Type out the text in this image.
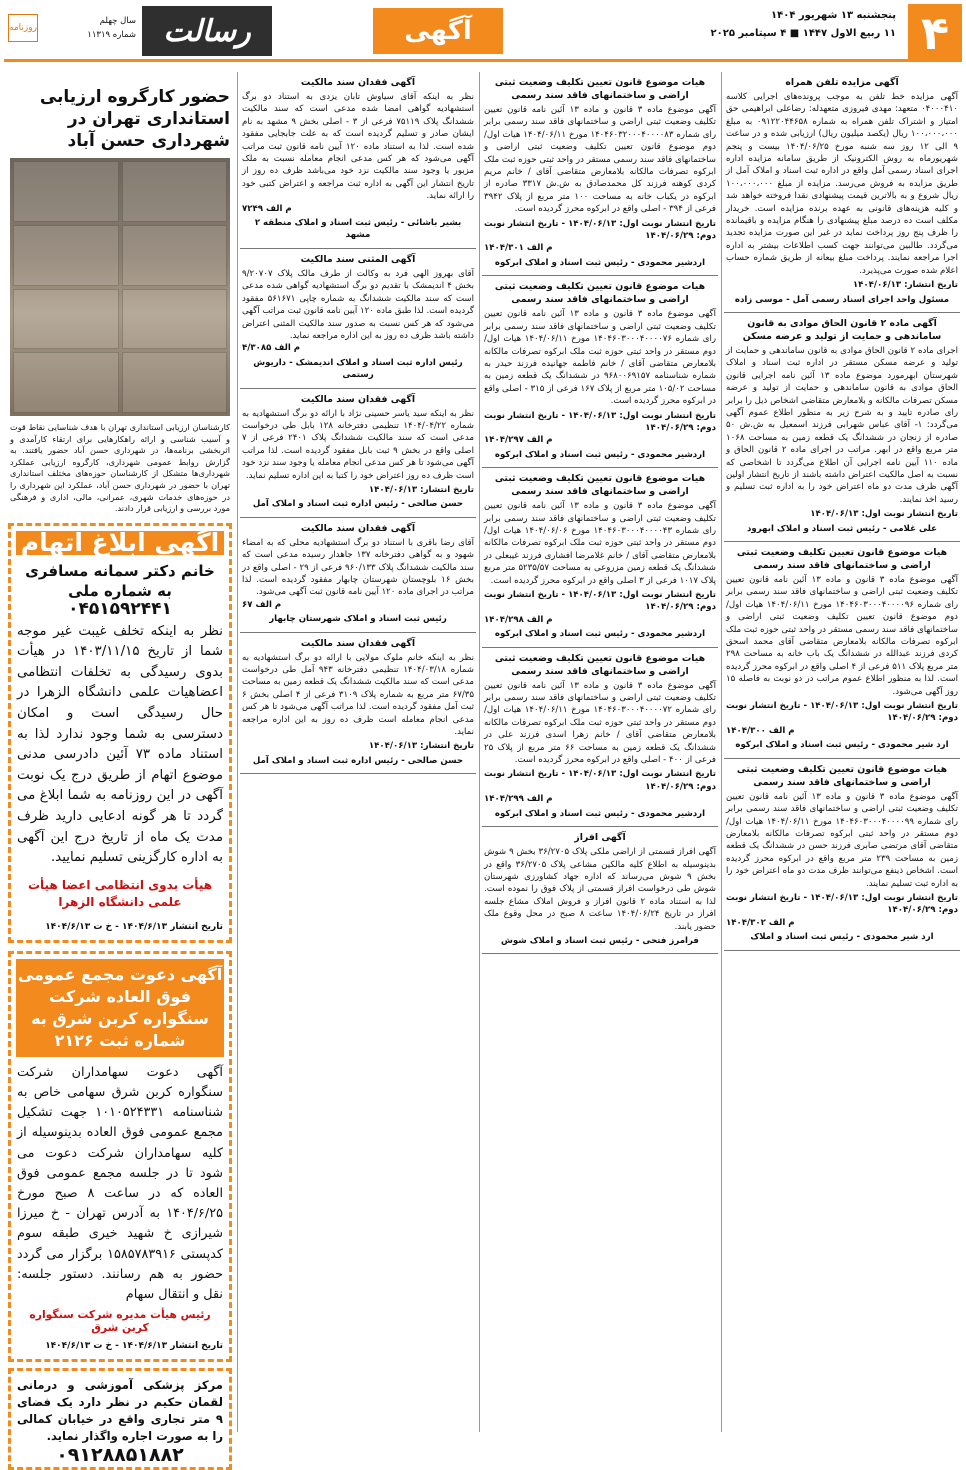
۴
پنجشنبه ۱۳ شهریور ۱۴۰۴
۱۱ ربیع الاول ۱۴۴۷ ■ ۴ سپتامبر ۲۰۲۵
آگهی
رسالت
سال چهلم
شماره ۱۱۳۱۹
روزنامه
آگهی مزایده تلفن همراه
آگهی مزایده خط تلفن به موجب پرونده‌های اجرایی کلاسه ۰۴۰۰۰۴۱۰ متعهد: مهدی فیروزی متعهدله: رضاعلی ابراهیمی حق امتیاز و اشتراک تلفن همراه به شماره ۰۹۱۲۲۰۴۴۶۵۸ به مبلغ ۱۰۰،۰۰۰،۰۰۰ ریال (یکصد میلیون ریال) ارزیابی شده و در ساعت ۹ الی ۱۲ روز سه شنبه مورخ ۱۴۰۴/۰۶/۲۵ بیست و پنجم شهریورماه به روش الکترونیک از طریق سامانه مزایده اداره اجرای اسناد رسمی آمل واقع در اداره ثبت اسناد و املاک آمل از طریق مزایده به فروش می‌رسد. مزایده از مبلغ ۱۰۰،۰۰۰،۰۰۰ ریال شروع و به بالاترین قیمت پیشنهادی نقدا فروخته خواهد شد و کلیه هزینه‌های قانونی به عهده برنده مزایده است. خریدار مکلف است ده درصد مبلغ پیشنهادی را هنگام مزایده و باقیمانده را ظرف پنج روز پرداخت نماید در غیر این صورت مزایده تجدید می‌گردد. طالبین می‌توانند جهت کسب اطلاعات بیشتر به اداره اجرا مراجعه نمایند. پرداخت مبلغ بیعانه از طریق شماره حساب اعلام شده صورت می‌پذیرد.
تاریخ انتشار: ۱۴۰۴/۰۶/۱۳
مسئول واحد اجرای اسناد رسمی آمل - موسی زاده
آگهی ماده ۲ قانون الحاق موادی به قانون ساماندهی و حمایت از تولید و عرضه مسکن
اجرای ماده ۲ قانون الحاق موادی به قانون ساماندهی و حمایت از تولید و عرضه مسکن مستقر در اداره ثبت اسناد و املاک شهرستان ابهرمورد موضوع ماده ۱۳ آئین نامه اجرایی قانون الحاق موادی به قانون ساماندهی و حمایت از تولید و عرضه مسکن تصرفات مالکانه و بلامعارض متقاضی اشخاص ذیل را برابر رای صادره تایید و به شرح زیر به منظور اطلاع عموم آگهی می‌گردد: ۱- آقای عباس شهرابی فرزند اسمعیل به ش.ش ۵۰ صادره از زنجان در ششدانگ یک قطعه زمین به مساحت ۱۰۶۸ متر مربع واقع در ابهر. مراتب در اجرای ماده ۲ قانون الحاق و ماده ۱۱۰ آیین نامه اجرایی آن اطلاع می‌گردد تا اشخاصی که نسبت به اصل مالکیت اعتراض داشته باشند از تاریخ انتشار اولین آگهی ظرف مدت دو ماه اعتراض خود را به اداره ثبت تسلیم و رسید اخذ نمایند.
تاریخ انتشار نوبت اول: ۱۴۰۴/۰۶/۱۳
علی غلامی - رئیس ثبت اسناد و املاک ابهرود
هیات موضوع قانون تعیین تکلیف وضعیت ثبتی اراضی و ساختمانهای فاقد سند رسمی
آگهی موضوع ماده ۳ قانون و ماده ۱۳ آئین نامه قانون تعیین تکلیف وضعیت ثبتی اراضی و ساختمانهای فاقد سند رسمی برابر رای شماره ۱۴۰۴۶۰۳۰۰۰۴۰۰۰۰۹۶ مورخ ۱۴۰۴/۰۶/۱۱ هیات اول/دوم موضوع قانون تعیین تکلیف وضعیت ثبتی اراضی و ساختمانهای فاقد سند رسمی مستقر در واحد ثبتی حوزه ثبت ملک ابرکوه تصرفات مالکانه بلامعارض متقاضی آقای محمد اسحق کردی فرزند عبدالله در ششدانگ یک باب خانه به مساحت ۲۹۸ متر مربع پلاک ۵۱۱ فرعی از ۴ اصلی واقع در ابرکوه محرز گردیده است. لذا به منظور اطلاع عموم مراتب در دو نوبت به فاصله ۱۵ روز آگهی می‌شود.
تاریخ انتشار نوبت اول: ۱۴۰۴/۰۶/۱۳ - تاریخ انتشار نوبت دوم: ۱۴۰۴/۰۶/۲۹
م الف ۱۴۰۴/۳۰۰
ارد شیر محمودی - رئیس ثبت اسناد و املاک ابرکوه
هیات موضوع قانون تعیین تکلیف وضعیت ثبتی اراضی و ساختمانهای فاقد سند رسمی
آگهی موضوع ماده ۳ قانون و ماده ۱۳ آئین نامه قانون تعیین تکلیف وضعیت ثبتی اراضی و ساختمانهای فاقد سند رسمی برابر رای شماره ۱۴۰۴۶۰۳۰۰۰۴۰۰۰۰۹۹ مورخ ۱۴۰۴/۰۶/۱۱ هیات اول/دوم مستقر در واحد ثبتی ابرکوه تصرفات مالکانه بلامعارض متقاضی آقای مرتضی صابری فرزند حسن در ششدانگ یک قطعه زمین به مساحت ۲۳۹ متر مربع واقع در ابرکوه محرز گردیده است. اشخاص ذینفع می‌توانند ظرف مدت دو ماه اعتراض خود را به اداره ثبت تسلیم نمایند.
تاریخ انتشار نوبت اول: ۱۴۰۴/۰۶/۱۳ - تاریخ انتشار نوبت دوم: ۱۴۰۴/۰۶/۲۹
م الف ۱۴۰۴/۳۰۲
ارد شیر محمودی - رئیس ثبت اسناد و املاک
هیات موضوع قانون تعیین تکلیف وضعیت ثبتی اراضی و ساختمانهای فاقد سند رسمی
آگهی موضوع ماده ۳ قانون و ماده ۱۳ آئین نامه قانون تعیین تکلیف وضعیت ثبتی اراضی و ساختمانهای فاقد سند رسمی برابر رای شماره ۱۴۰۴۶۰۳۲۰۰۰۴۰۰۰۰۸۳ مورخ ۱۴۰۴/۰۶/۱۱ هیات اول/دوم موضوع قانون تعیین تکلیف وضعیت ثبتی اراضی و ساختمانهای فاقد سند رسمی مستقر در واحد ثبتی حوزه ثبت ملک ابرکوه تصرفات مالکانه بلامعارض متقاضی آقای / خانم مریم کردی کوهنه فرزند کل محمدصادق به ش.ش ۳۳۱۷ صادره از ابرکوه در یکباب خانه به مساحت ۱۰۰ متر مربع از پلاک ۳۹۴۲ فرعی از ۳۹۴ - اصلی واقع در ابرکوه محرز گردیده است.
تاریخ انتشار نوبت اول: ۱۴۰۴/۰۶/۱۳ - تاریخ انتشار نوبت دوم: ۱۴۰۴/۰۶/۲۹
م الف ۱۴۰۴/۳۰۱
اردشیر محمودی - رئیس ثبت اسناد و املاک ابرکوه
هیات موضوع قانون تعیین تکلیف وضعیت ثبتی اراضی و ساختمانهای فاقد سند رسمی
آگهی موضوع ماده ۳ قانون و ماده ۱۳ آئین نامه قانون تعیین تکلیف وضعیت ثبتی اراضی و ساختمانهای فاقد سند رسمی برابر رای شماره ۱۴۰۴۶۰۳۰۰۰۴۰۰۰۰۷۶ مورخ ۱۴۰۴/۰۶/۱۱ هیات اول/دوم مستقر در واحد ثبتی حوزه ثبت ملک ابرکوه تصرفات مالکانه بلامعارض متقاضی آقای / خانم فاطمه جهانیده فرزند حیدر به شماره شناسنامه ۹۶۸۰۰۶۹۱۵۷ در ششدانگ یک قطعه زمین به مساحت ۱۰۵/۰۲ متر مربع از پلاک ۱۶۷ فرعی از ۳۱۵ - اصلی واقع در ابرکوه محرز گردیده است.
تاریخ انتشار نوبت اول: ۱۴۰۴/۰۶/۱۳ - تاریخ انتشار نوبت دوم: ۱۴۰۴/۰۶/۲۹
م الف ۱۴۰۴/۲۹۷
اردشیر محمودی - رئیس ثبت اسناد و املاک ابرکوه
هیات موضوع قانون تعیین تکلیف وضعیت ثبتی اراضی و ساختمانهای فاقد سند رسمی
آگهی موضوع ماده ۳ قانون و ماده ۱۳ آئین نامه قانون تعیین تکلیف وضعیت ثبتی اراضی و ساختمانهای فاقد سند رسمی برابر رای شماره ۱۴۰۴۶۰۳۰۰۰۴۰۰۰۰۴۳ مورخ ۱۴۰۴/۰۶/۰۶ هیات اول/دوم مستقر در واحد ثبتی حوزه ثبت ملک ابرکوه تصرفات مالکانه بلامعارض متقاضی آقای / خانم غلامرضا افشاری فرزند غیبعلی در ششدانگ یک قطعه زمین مزروعی به مساحت ۵۲۳۵/۵۷ متر مربع پلاک ۱۰۱۷ فرعی از ۳ اصلی واقع در ابرکوه محرز گردیده است.
تاریخ انتشار نوبت اول: ۱۴۰۴/۰۶/۱۳ - تاریخ انتشار نوبت دوم: ۱۴۰۴/۰۶/۲۹
م الف ۱۴۰۴/۲۹۸
اردشیر محمودی - رئیس ثبت اسناد و املاک ابرکوه
هیات موضوع قانون تعیین تکلیف وضعیت ثبتی اراضی و ساختمانهای فاقد سند رسمی
آگهی موضوع ماده ۳ قانون و ماده ۱۳ آئین نامه قانون تعیین تکلیف وضعیت ثبتی اراضی و ساختمانهای فاقد سند رسمی برابر رای شماره ۱۴۰۴۶۰۳۰۰۰۴۰۰۰۰۷۲ مورخ ۱۴۰۴/۰۶/۱۱ هیات اول/دوم مستقر در واحد ثبتی حوزه ثبت ملک ابرکوه تصرفات مالکانه بلامعارض متقاضی آقای / خانم زهرا اسدی فرزند علی در ششدانگ یک قطعه زمین به مساحت ۶۶ متر مربع از پلاک ۲۵ فرعی از ۴۰۰ - اصلی واقع در ابرکوه محرز گردیده است.
تاریخ انتشار نوبت اول: ۱۴۰۴/۰۶/۱۳ - تاریخ انتشار نوبت دوم: ۱۴۰۴/۰۶/۲۹
م الف ۱۴۰۴/۲۹۹
اردشیر محمودی - رئیس ثبت اسناد و املاک ابرکوه
آگهی افراز
آگهی افراز قسمتی از اراضی ملکی پلاک ۳۶/۲۷۰۵ بخش ۹ شوش بدینوسیله به اطلاع کلیه مالکین مشاعی پلاک ۳۶/۲۷۰۵ واقع در بخش ۹ شوش می‌رساند که اداره جهاد کشاورزی شهرستان شوش طی درخواست افراز قسمتی از پلاک فوق را نموده است. لذا به استناد ماده ۲ قانون افراز و فروش املاک مشاع جلسه افراز در تاریخ ۱۴۰۴/۰۶/۲۴ ساعت ۸ صبح در محل وقوع ملک حضور یابند.
فرامرز فتحی - رئیس ثبت اسناد و املاک شوش
آگهی فقدان سند مالکیت
نظر به اینکه آقای سیاوش تابان یزدی به استناد دو برگ استشهادیه گواهی امضا شده مدعی است که سند مالکیت ششدانگ پلاک ۷۵۱۱۹ فرعی از ۳ - اصلی بخش ۹ مشهد به نام ایشان صادر و تسلیم گردیده است که به علت جابجایی مفقود شده است. لذا به استناد ماده ۱۲۰ آیین نامه قانون ثبت مراتب آگهی می‌شود که هر کس مدعی انجام معامله نسبت به ملک مزبور یا وجود سند مالکیت نزد خود می‌باشد ظرف ده روز از تاریخ انتشار این آگهی به اداره ثبت مراجعه و اعتراض کتبی خود را ارائه نماید.
م الف ۷۲۴۹
بشیر باشائی - رئیس ثبت اسناد و املاک منطقه ۲ مشهد
آگهی المثنی سند مالکیت
آقای بهروز الهی فرد به وکالت از طرف مالک پلاک ۹/۲۰۷۰۷ بخش ۴ اندیمشک با تقدیم دو برگ استشهادیه گواهی شده مدعی است که سند مالکیت ششدانگ به شماره چاپی ۵۶۱۶۷۱ مفقود گردیده است. لذا طبق ماده ۱۲۰ آیین نامه قانون ثبت مراتب آگهی می‌شود که هر کس نسبت به صدور سند مالکیت المثنی اعتراض داشته باشد ظرف ده روز به این اداره مراجعه نماید.
م الف ۴/۳۰۸۵
رئیس اداره ثبت اسناد و املاک اندیمشک - داریوش رستمی
آگهی فقدان سند مالکیت
نظر به اینکه سید یاسر حسینی نژاد با ارائه دو برگ استشهادیه به شماره ۱۴۰۴/۰۴/۲۲ تنظیمی دفترخانه ۱۲۸ بابل طی درخواست مدعی است که سند مالکیت ششدانگ پلاک ۲۴۰۱ فرعی از ۷ اصلی واقع در بخش ۹ ثبت بابل مفقود گردیده است. لذا مراتب آگهی می‌شود تا هر کس مدعی انجام معامله یا وجود سند نزد خود است ظرف ده روز اعتراض خود را کتبا به این اداره تسلیم نماید.
تاریخ انتشار: ۱۴۰۴/۰۶/۱۳
حسن صالحی - رئیس اداره ثبت اسناد و املاک آمل
آگهی فقدان سند مالکیت
آقای رضا باقری با استناد دو برگ استشهادیه محلی که به امضاء شهود و به گواهی دفترخانه ۱۳۷ جاهدار رسیده مدعی است که سند مالکیت ششدانگ پلاک ۹۶۰/۱۳۳ فرعی از ۲۹ - اصلی واقع در بخش ۱۶ بلوچستان شهرستان چابهار مفقود گردیده است. لذا مراتب در اجرای ماده ۱۲۰ آیین نامه قانون ثبت آگهی می‌شود.
م الف ۶۷
رئیس ثبت اسناد و املاک شهرستان چابهار
آگهی فقدان سند مالکیت
نظر به اینکه خانم ملوک مولایی با ارائه دو برگ استشهادیه به شماره ۱۴۰۴/۰۳/۱۸ تنظیمی دفترخانه ۹۴۳ آمل طی درخواست مدعی است که سند مالکیت ششدانگ یک قطعه زمین به مساحت ۶۷/۳۵ متر مربع به شماره پلاک ۳۱۰۹ فرعی از ۴ اصلی بخش ۶ ثبت آمل مفقود گردیده است. لذا مراتب آگهی می‌شود تا هر کس مدعی انجام معامله است ظرف ده روز به این اداره مراجعه نماید.
تاریخ انتشار: ۱۴۰۴/۰۶/۱۳
حسن صالحی - رئیس اداره ثبت اسناد و املاک آمل
حضور کارگروه ارزیابی استانداری تهران در شهرداری حسن آباد
کارشناسان ارزیابی استانداری تهران با هدف شناسایی نقاط قوت و آسیب شناسی و ارائه راهکارهایی برای ارتقاء کارآمدی و اثربخشی برنامه‌ها، در شهرداری حسن آباد حضور یافتند. به گزارش روابط عمومی شهرداری، کارگروه ارزیابی عملکرد شهرداری‌ها متشکل از کارشناسان حوزه‌های مختلف استانداری تهران با حضور در شهرداری حسن آباد، عملکرد این شهرداری را در حوزه‌های خدمات شهری، عمرانی، مالی، اداری و فرهنگی مورد بررسی و ارزیابی قرار دادند.
آگهی ابلاغ اتهام
خانم دکتر سمانه مسافری به شماره ملی
۰۴۵۱۵۹۲۴۴۱
نظر به اینکه تخلف غیبت غیر موجه شما از تاریخ ۱۴۰۳/۱۱/۱۵ در هیأت بدوی رسیدگی به تخلفات انتظامی اعضاهیات علمی دانشگاه الزهرا در حال رسیدگی است و امکان دسترسی به شما وجود ندارد لذا به استناد ماده ۷۳ آئین دادرسی مدنی موضوع اتهام از طریق درج یک نوبت آگهی در این روزنامه به شما ابلاغ می گردد تا هر گونه ادعایی دارید ظرف مدت یک ماه از تاریخ درج این آگهی به اداره کارگزینی تسلیم نمایید.
هیأت بدوی انتظامی اعضا هیأت علمی دانشگاه الزهرا
تاریخ انتشار ۱۴۰۴/۶/۱۳ - خ ت ۱۴۰۴/۶/۱۳
آگهی دعوت مجمع عمومی فوق العاده شرکت سنگواره کربن شرق به شماره ثبت ۲۱۲۶
آگهی دعوت سهامداران شرکت سنگواره کربن شرق سهامی خاص به شناسنامه ۱۰۱۰۵۲۴۳۳۱ جهت تشکیل مجمع عمومی فوق العاده بدینوسیله از کلیه سهامداران شرکت دعوت می شود تا در جلسه مجمع عمومی فوق العاده که در ساعت ۸ صبح مورخ ۱۴۰۴/۶/۲۵ به آدرس تهران - خ میرزا شیرازی خ شهید خیری طبقه سوم کدپستی ۱۵۸۵۷۸۳۹۱۶ برگزار می گردد حضور به هم رسانند. دستور جلسه: نقل و انتقال سهام
رئیس هیأت مدیره شرکت سنگواره کربن شرق
تاریخ انتشار ۱۴۰۴/۶/۱۳ - خ ت ۱۴۰۴/۶/۱۳
مرکز پزشکی آموزشی و درمانی لقمان حکیم در نظر دارد یک فضای ۹ متر تجاری واقع در خیابان کمالی را به صورت اجاره واگذار نماید.
۰۹۱۲۸۸۵۱۸۸۲
